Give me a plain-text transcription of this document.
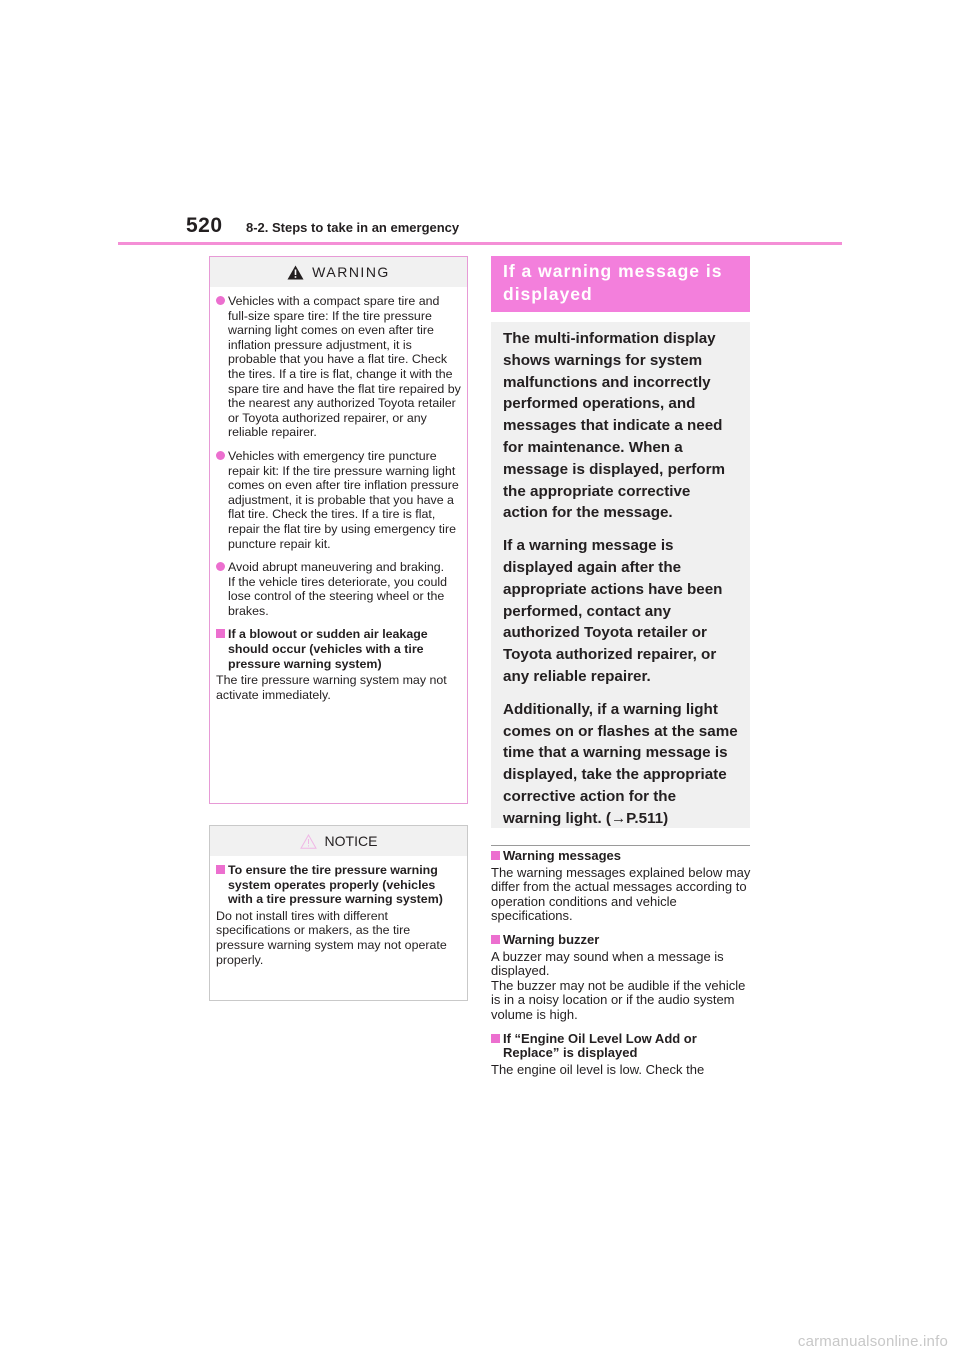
520 8-2. Steps to take in an emergency
WARNING
Vehicles with a compact spare tire and full-size spare tire: If the tire pressure warning light comes on even after tire inflation pressure adjustment, it is probable that you have a flat tire. Check the tires. If a tire is flat, change it with the spare tire and have the flat tire repaired by the nearest any authorized Toyota retailer or Toyota authorized repairer, or any reliable repairer.
Vehicles with emergency tire puncture repair kit: If the tire pressure warning light comes on even after tire inflation pressure adjustment, it is probable that you have a flat tire. Check the tires. If a tire is flat, repair the flat tire by using emergency tire puncture repair kit.
Avoid abrupt maneuvering and braking.
If the vehicle tires deteriorate, you could lose control of the steering wheel or the brakes.
If a blowout or sudden air leakage should occur (vehicles with a tire pressure warning system)

The tire pressure warning system may not activate immediately.

NOTICE
To ensure the tire pressure warning system operates properly (vehicles with a tire pressure warning system)

Do not install tires with different specifications or makers, as the tire pressure warning system may not operate properly.

If a warning message is displayed

The multi-information display shows warnings for system malfunctions and incorrectly performed operations, and messages that indicate a need for maintenance. When a message is displayed, perform the appropriate corrective action for the message.

If a warning message is displayed again after the appropriate actions have been performed, contact any authorized Toyota retailer or Toyota authorized repairer, or any reliable repairer.

Additionally, if a warning light comes on or flashes at the same time that a warning message is displayed, take the appropriate corrective action for the warning light. (→P.511)

Warning messages

The warning messages explained below may differ from the actual messages according to operation conditions and vehicle specifications.

Warning buzzer

A buzzer may sound when a message is displayed.

The buzzer may not be audible if the vehicle is in a noisy location or if the audio system volume is high.

If “Engine Oil Level Low Add or Replace” is displayed

The engine oil level is low. Check the

carmanualsonline.info
